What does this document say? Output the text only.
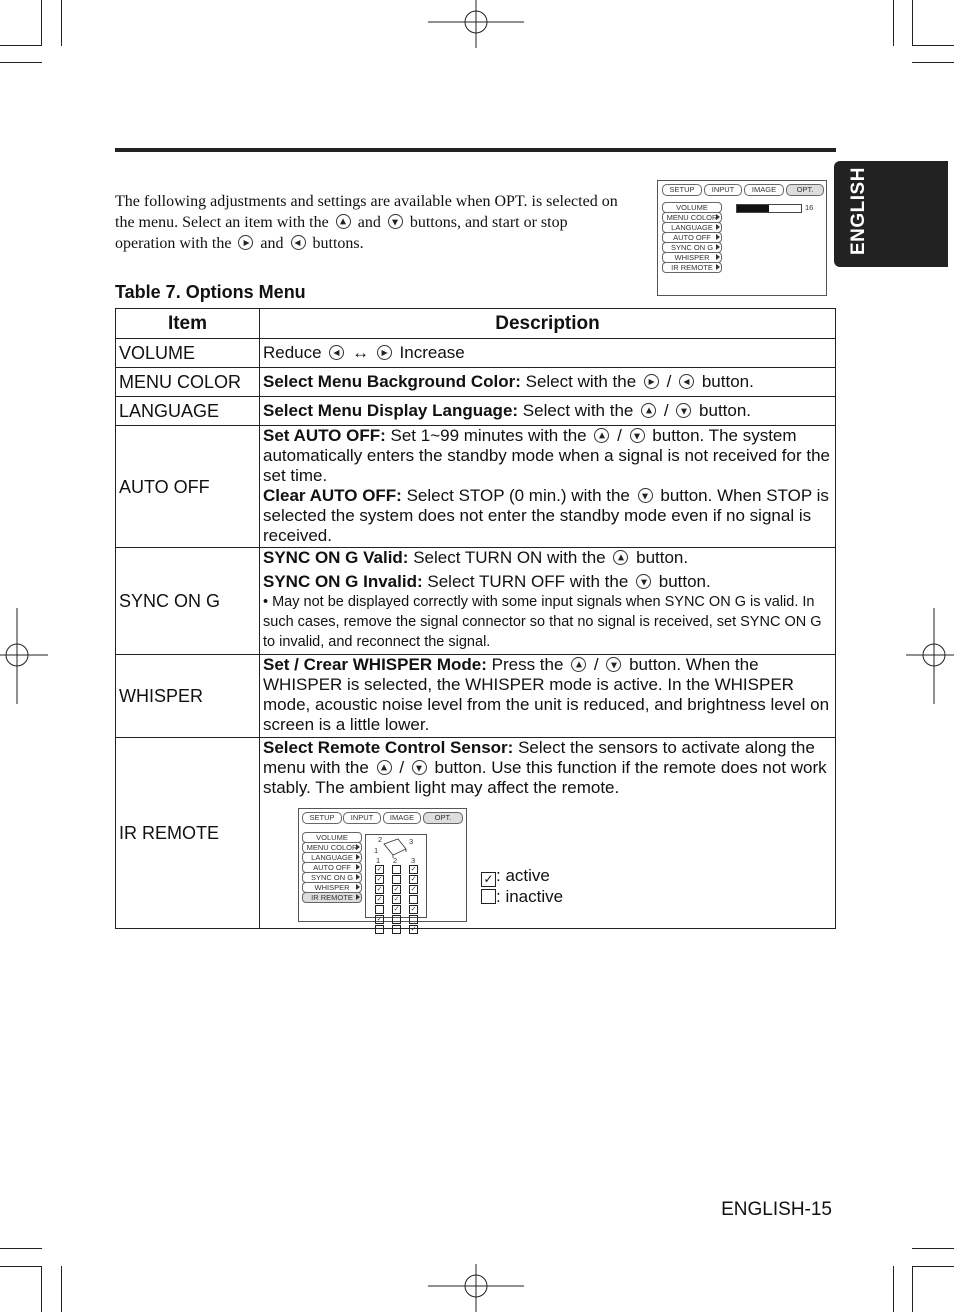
ENGLISH
The following adjustments and settings are available when OPT. is selected on the menu. Select an item with the and buttons, and start or stop operation with the and buttons.
SETUP	INPUT	IMAGE	OPT.
VOLUME
MENU COLOR
LANGUAGE
AUTO OFF
SYNC ON G
WHISPER
IR REMOTE
16
Table 7. Options Menu
Item	Description
VOLUME	Reduce ↔ Increase
MENU COLOR	Select Menu Background Color: Select with the / button.
LANGUAGE	Select Menu Display Language: Select with the / button.
AUTO OFF	Set AUTO OFF: Set 1~99 minutes with the / button. The system automatically enters the standby mode when a signal is not received for the set time.
Clear AUTO OFF: Select STOP (0 min.) with the button. When STOP is selected the system does not enter the standby mode even if no signal is received.
SYNC ON G	SYNC ON G Valid: Select TURN ON with the button.
SYNC ON G Invalid: Select TURN OFF with the button.
• May not be displayed correctly with some input signals when SYNC ON G is valid. In such cases, remove the signal connector so that no signal is received, set SYNC ON G to invalid, and reconnect the signal.

WHISPER	Set / Crear WHISPER Mode: Press the / button. When the WHISPER is selected, the WHISPER mode is active. In the WHISPER mode, acoustic noise level from the unit is reduced, and brightness level on screen is a little lower.
IR REMOTE	Select Remote Control Sensor: Select the sensors to activate along the menu with the / button. Use this function if the remote does not work stably. The ambient light may affect the remote.
SETUP	INPUT	IMAGE	OPT.
VOLUME
MENU COLOR
LANGUAGE
AUTO OFF
SYNC ON G
WHISPER
IR REMOTE
2	3
1
1 2 3
✓	✓
✓	✓
✓ ✓ ✓
✓ ✓
✓ ✓
✓
✓
✓ : active
: inactive
ENGLISH-15
